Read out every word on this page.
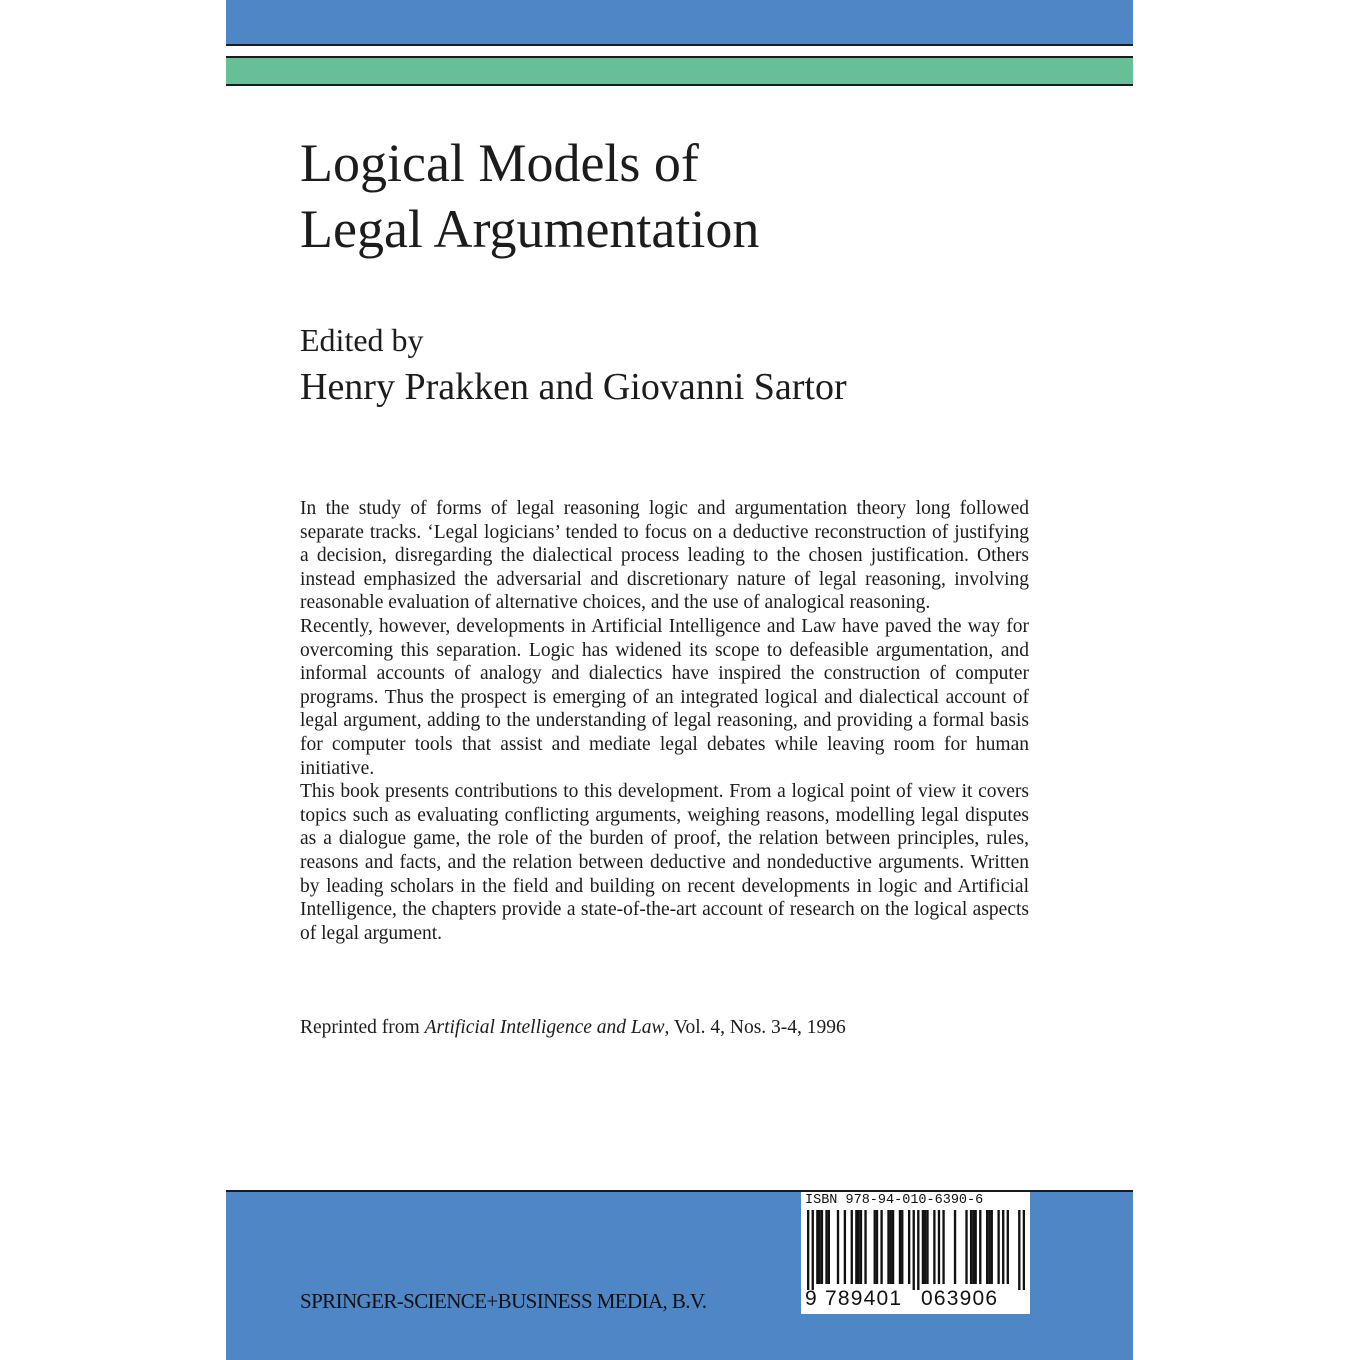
Logical Models of
Legal Argumentation
Edited by
Henry Prakken and Giovanni Sartor

In the study of forms of legal reasoning logic and argumentation theory long followed separate tracks. ‘Legal logicians’ tended to focus on a deductive reconstruction of justifying a decision, disregarding the dialectical process leading to the chosen justification. Others instead emphasized the adversarial and discretionary nature of legal reasoning, involving reasonable evaluation of alternative choices, and the use of analogical reasoning.

Recently, however, developments in Artificial Intelligence and Law have paved the way for overcoming this separation. Logic has widened its scope to defeasible argumentation, and informal accounts of analogy and dialectics have inspired the construction of computer programs. Thus the prospect is emerging of an integrated logical and dialectical account of legal argument, adding to the understanding of legal reasoning, and providing a formal basis for computer tools that assist and mediate legal debates while leaving room for human initiative.

This book presents contributions to this development. From a logical point of view it covers topics such as evaluating conflicting arguments, weighing reasons, modelling legal disputes as a dialogue game, the role of the burden of proof, the relation between principles, rules, reasons and facts, and the relation between deductive and nondeductive arguments. Written by leading scholars in the field and building on recent developments in logic and Artificial Intelligence, the chapters provide a state-of-the-art account of research on the logical aspects of legal argument.

Reprinted from Artificial Intelligence and Law, Vol. 4, Nos. 3-4, 1996
SPRINGER-SCIENCE+BUSINESS MEDIA, B.V.
ISBN 978-94-010-6390-6
9 789401 063906
